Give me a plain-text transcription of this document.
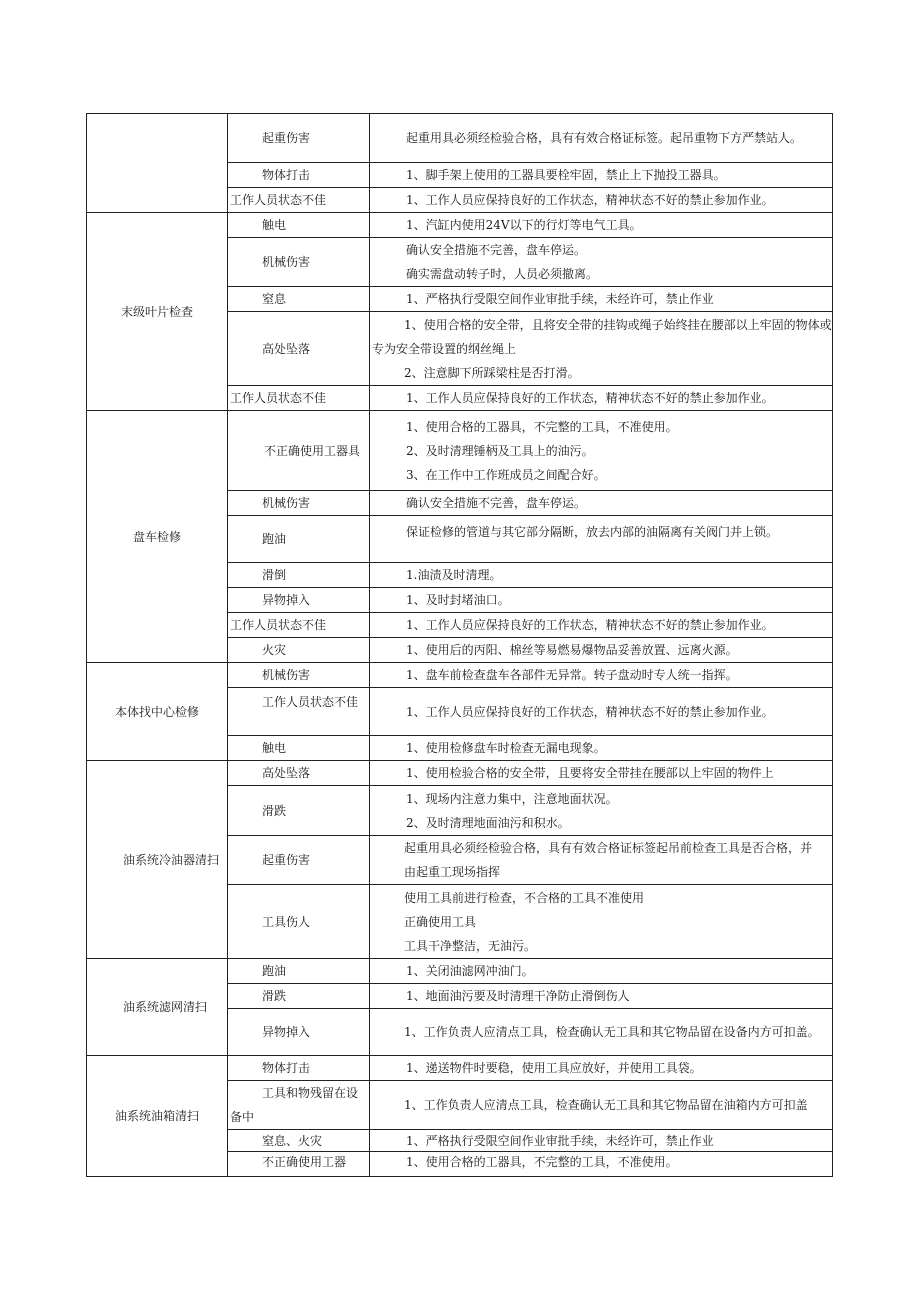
	起重伤害	起重用具必须经检验合格，具有有效合格证标签。起吊重物下方严禁站人。

	物体打击	1、脚手架上使用的工器具要栓牢固，禁止上下抛投工器具。

	工作人员状态不佳	1、工作人员应保持良好的工作状态，精神状态不好的禁止参加作业。

末级叶片检查	触电	1、汽缸内使用24V以下的行灯等电气工具。

	机械伤害	确认安全措施不完善，盘车停运。
确实需盘动转子时，人员必须撤离。

	窒息	1、严格执行受限空间作业审批手续，未经许可，禁止作业

	高处坠落	1、使用合格的安全带，且将安全带的挂钩或绳子始终挂在腰部以上牢固的物体或专为安全带设置的纲丝绳上
2、注意脚下所踩梁柱是否打滑。

	工作人员状态不佳	1、工作人员应保持良好的工作状态，精神状态不好的禁止参加作业。

盘车检修	不正确使用工器具	1、使用合格的工器具，不完整的工具，不准使用。
2、及时清理锤柄及工具上的油污。
3、在工作中工作班成员之间配合好。

	机械伤害	确认安全措施不完善，盘车停运。

	跑油	保证检修的管道与其它部分隔断，放去内部的油隔离有关阀门并上锁。

	滑倒	1.油渍及时清理。

	异物掉入	1、及时封堵油口。

	工作人员状态不佳	1、工作人员应保持良好的工作状态，精神状态不好的禁止参加作业。

	火灾	1、使用后的丙阳、棉丝等易燃易爆物品妥善放置、远离火源。

本体找中心检修	机械伤害	1、盘车前检查盘车各部件无异常。转子盘动时专人统一指挥。

	工作人员状态不佳	1、工作人员应保持良好的工作状态，精神状态不好的禁止参加作业。

	触电	1、使用检修盘车时检查无漏电现象。

油系统冷油器清扫	高处坠落	1、使用检验合格的安全带，且要将安全带挂在腰部以上牢固的物件上

	滑跌	1、现场内注意力集中，注意地面状况。
2、及时清理地面油污和积水。

	起重伤害	起重用具必须经检验合格，具有有效合格证标签起吊前检查工具是否合格，并由起重工现场指挥

	工具伤人	使用工具前进行检查，不合格的工具不准使用
正确使用工具
工具干净整洁，无油污。

油系统滤网清扫	跑油	1、关闭油滤网冲油门。

	滑跌	1、地面油污要及时清理干净防止滑倒伤人

	异物掉入	1、工作负责人应清点工具，检查确认无工具和其它物品留在设备内方可扣盖。

油系统油箱清扫	物体打击	1、递送物件时要稳，使用工具应放好，并使用工具袋。

	工具和物残留在设备中	1、工作负责人应清点工具，检查确认无工具和其它物品留在油箱内方可扣盖

	窒息、火灾	1、严格执行受限空间作业审批手续，未经许可，禁止作业

	不正确使用工器	1、使用合格的工器具，不完整的工具，不准使用。
